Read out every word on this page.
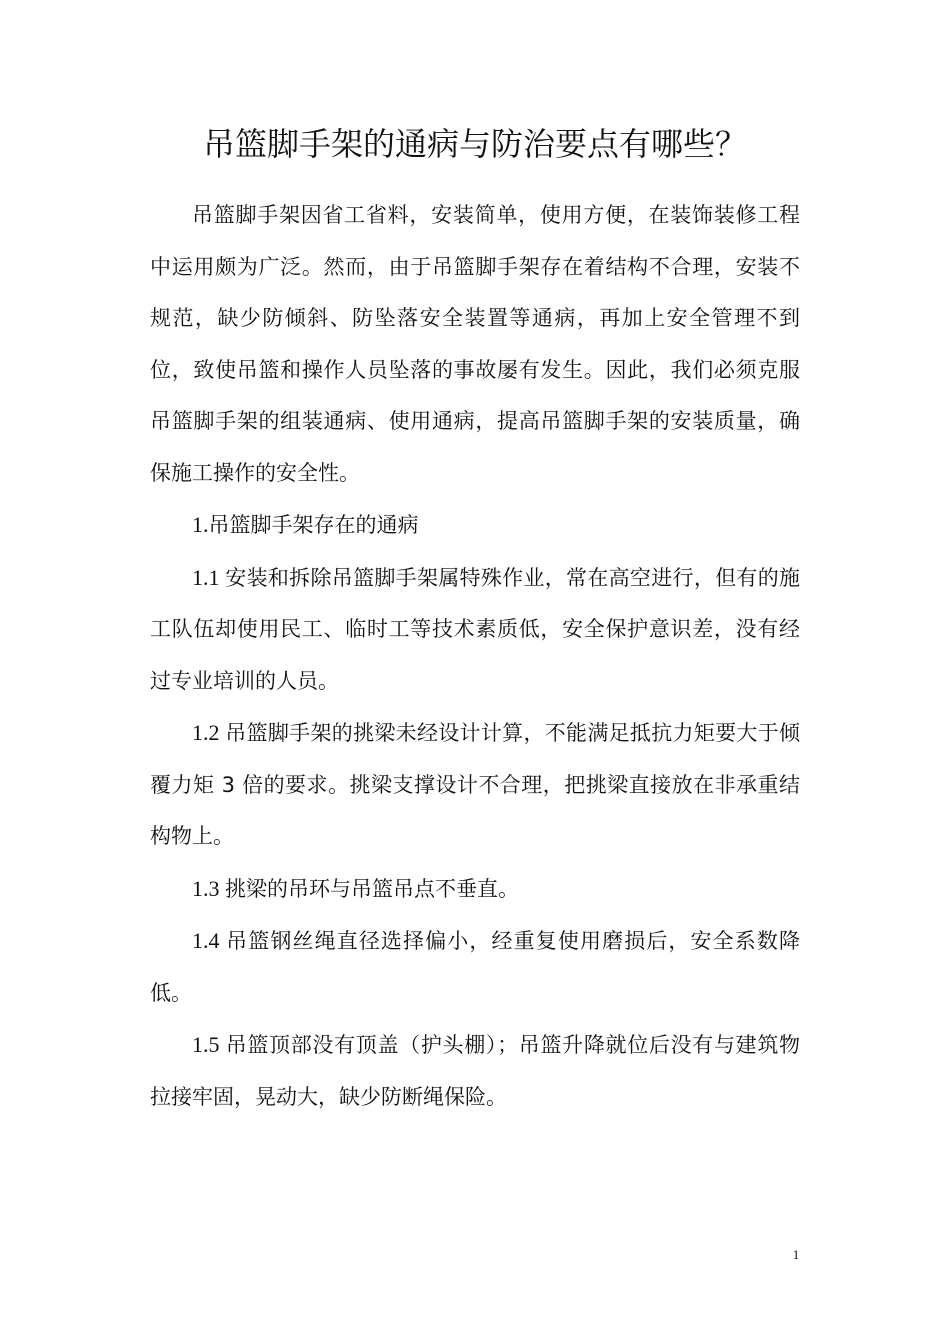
吊篮脚手架的通病与防治要点有哪些？

吊篮脚手架因省工省料，安装简单，使用方便，在装饰装修工程中运用颇为广泛。然而，由于吊篮脚手架存在着结构不合理，安装不规范，缺少防倾斜、防坠落安全装置等通病，再加上安全管理不到位，致使吊篮和操作人员坠落的事故屡有发生。因此，我们必须克服吊篮脚手架的组装通病、使用通病，提高吊篮脚手架的安装质量，确保施工操作的安全性。

1.吊篮脚手架存在的通病

1.1 安装和拆除吊篮脚手架属特殊作业，常在高空进行，但有的施工队伍却使用民工、临时工等技术素质低，安全保护意识差，没有经过专业培训的人员。

1.2 吊篮脚手架的挑梁未经设计计算，不能满足抵抗力矩要大于倾覆力矩 3 倍的要求。挑梁支撑设计不合理，把挑梁直接放在非承重结构物上。

1.3 挑梁的吊环与吊篮吊点不垂直。

1.4 吊篮钢丝绳直径选择偏小，经重复使用磨损后，安全系数降低。

1.5 吊篮顶部没有顶盖（护头棚）；吊篮升降就位后没有与建筑物拉接牢固，晃动大，缺少防断绳保险。

1
